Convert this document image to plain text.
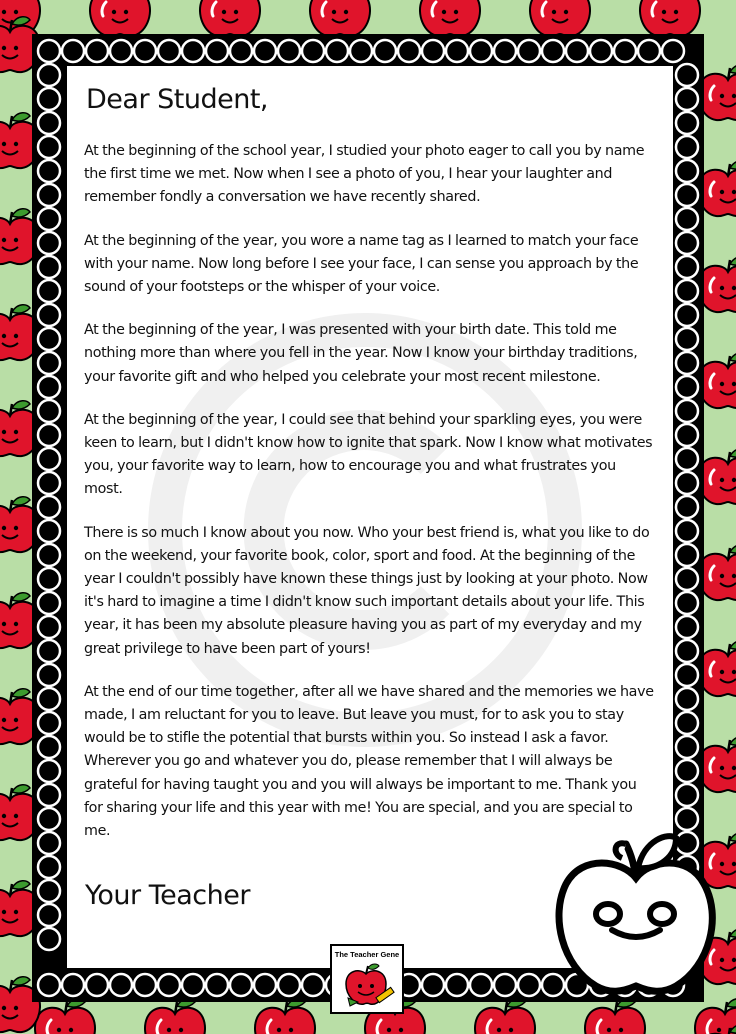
Dear Student,

At the beginning of the school year, I studied your photo eager to call you by name the first time we met. Now when I see a photo of you, I hear your laughter and remember fondly a conversation we have recently shared.

At the beginning of the year, you wore a name tag as I learned to match your face with your name. Now long before I see your face, I can sense you approach by the sound of your footsteps or the whisper of your voice.

At the beginning of the year, I was presented with your birth date. This told me nothing more than where you fell in the year. Now I know your birthday traditions, your favorite gift and who helped you celebrate your most recent milestone.

At the beginning of the year, I could see that behind your sparkling eyes, you were keen to learn, but I didn't know how to ignite that spark. Now I know what motivates you, your favorite way to learn, how to encourage you and what frustrates you most.

There is so much I know about you now. Who your best friend is, what you like to do on the weekend, your favorite book, color, sport and food. At the beginning of the year I couldn't possibly have known these things just by looking at your photo. Now it's hard to imagine a time I didn't know such important details about your life. This year, it has been my absolute pleasure having you as part of my everyday and my great privilege to have been part of yours!

At the end of our time together, after all we have shared and the memories we have made, I am reluctant for you to leave. But leave you must, for to ask you to stay would be to stifle the potential that bursts within you. So instead I ask a favor. Wherever you go and whatever you do, please remember that I will always be grateful for having taught you and you will always be important to me. Thank you for sharing your life and this year with me! You are special, and you are special to me.

Your Teacher
The Teacher Gene
